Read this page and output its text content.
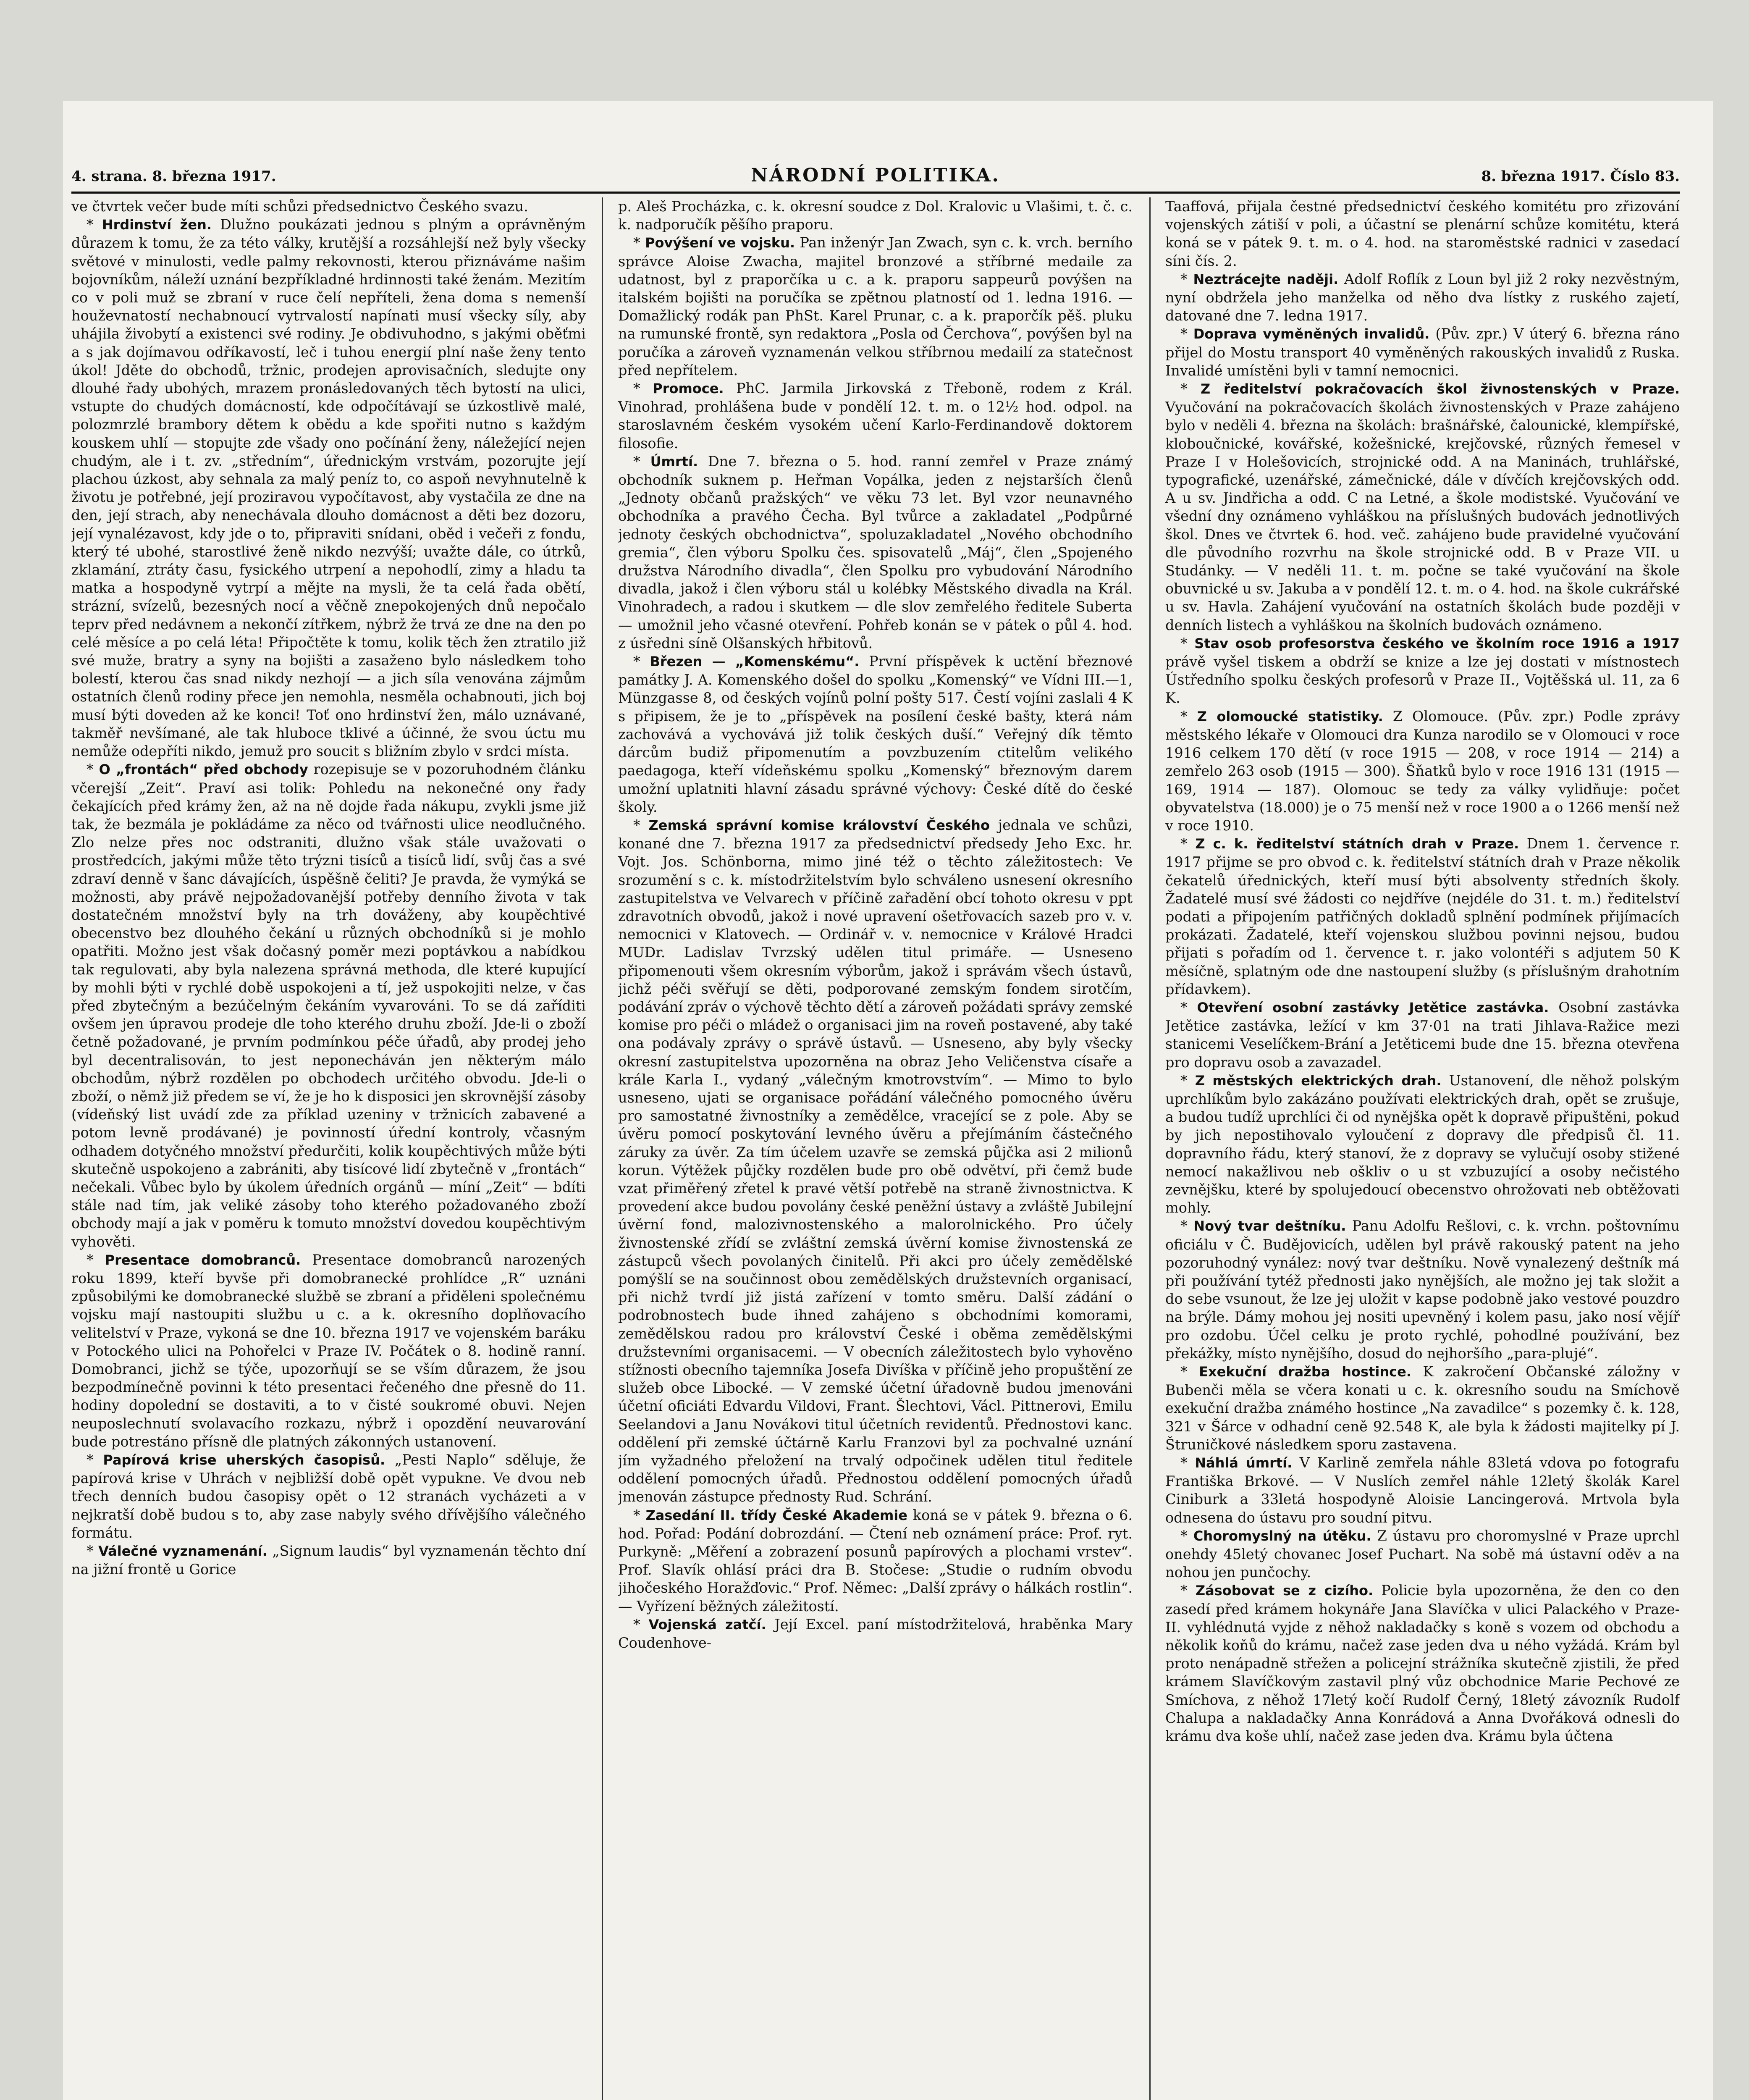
4. strana. 8. března 1917.	NÁRODNÍ POLITIKA.	8. března 1917. Číslo 83.

ve čtvrtek večer bude míti schůzi předsednictvo Českého svazu.

* Hrdinství žen. Dlužno poukázati jednou s plným a oprávněným důrazem k tomu, že za této války, krutější a rozsáhlejší než byly všecky světové v minulosti, vedle palmy rekovnosti, kterou přiznáváme našim bojovníkům, náleží uznání bezpříkladné hrdinnosti také ženám. Mezitím co v poli muž se zbraní v ruce čelí nepříteli, žena doma s nemenší houževnatostí nechabnoucí vytrvalostí napínati musí všecky síly, aby uhájila živobytí a existenci své rodiny. Je obdivuhodno, s jakými oběťmi a s jak dojímavou odříkavostí, leč i tuhou energií plní naše ženy tento úkol! Jděte do obchodů, tržnic, prodejen aprovisačních, sledujte ony dlouhé řady ubohých, mrazem pronásledovaných těch bytostí na ulici, vstupte do chudých domácností, kde odpočítávají se úzkostlivě malé, polozmrzlé brambory dětem k obědu a kde spořiti nutno s každým kouskem uhlí — stopujte zde všady ono počínání ženy, náležející nejen chudým, ale i t. zv. „středním“, úřednickým vrstvám, pozorujte její plachou úzkost, aby sehnala za malý peníz to, co aspoň nevyhnutelně k životu je potřebné, její proziravou vypočítavost, aby vystačila ze dne na den, její strach, aby nenechávala dlouho domácnost a děti bez dozoru, její vynalézavost, kdy jde o to, připraviti snídani, oběd i večeři z fondu, který té ubohé, starostlivé ženě nikdo nezvýší; uvažte dále, co útrků, zklamání, ztráty času, fysického utrpení a nepohodlí, zimy a hladu ta matka a hospodyně vytrpí a mějte na mysli, že ta celá řada obětí, strázní, svízelů, bezesných nocí a věčně znepokojených dnů nepočalo teprv před nedávnem a nekončí zítřkem, nýbrž že trvá ze dne na den po celé měsíce a po celá léta! Připočtěte k tomu, kolik těch žen ztratilo již své muže, bratry a syny na bojišti a zasaženo bylo následkem toho bolestí, kterou čas snad nikdy nezhojí — a jich síla venována zájmům ostatních členů rodiny přece jen nemohla, nesměla ochabnouti, jich boj musí býti doveden až ke konci! Toť ono hrdinství žen, málo uznávané, takměř nevšímané, ale tak hluboce tklivé a účinné, že svou úctu mu nemůže odepříti nikdo, jemuž pro soucit s bližním zbylo v srdci místa.

* O „frontách“ před obchody rozepisuje se v pozoruhodném článku včerejší „Zeit“. Praví asi tolik: Pohledu na nekonečné ony řady čekajících před krámy žen, až na ně dojde řada nákupu, zvykli jsme již tak, že bezmála je pokládáme za něco od tvářnosti ulice neodlučného. Zlo nelze přes noc odstraniti, dlužno však stále uvažovati o prostředcích, jakými může těto trýzni tisíců a tisíců lidí, svůj čas a své zdraví denně v šanc dávajících, úspěšně čeliti? Je pravda, že vymýká se možnosti, aby právě nejpožadovanější potřeby denního života v tak dostatečném množství byly na trh dováženy, aby koupěchtivé obecenstvo bez dlouhého čekání u různých obchodníků si je mohlo opatřiti. Možno jest však dočasný poměr mezi poptávkou a nabídkou tak regulovati, aby byla nalezena správná methoda, dle které kupující by mohli býti v rychlé době uspokojeni a tí, jež uspokojiti nelze, v čas před zbytečným a bezúčelným čekáním vyvarováni. To se dá zaříditi ovšem jen úpravou prodeje dle toho kterého druhu zboží. Jde-li o zboží četně požadované, je prvním podmínkou péče úřadů, aby prodej jeho byl decentralisován, to jest neponecháván jen některým málo obchodům, nýbrž rozdělen po obchodech určitého obvodu. Jde-li o zboží, o němž již předem se ví, že je ho k disposici jen skrovnější zásoby (vídeňský list uvádí zde za příklad uzeniny v tržnicích zabavené a potom levně prodávané) je povinností úřední kontroly, včasným odhadem dotyčného množství předurčiti, kolik koupěchtivých může býti skutečně uspokojeno a zabrániti, aby tisícové lidí zbytečně v „frontách“ nečekali. Vůbec bylo by úkolem úředních orgánů — míní „Zeit“ — bdíti stále nad tím, jak veliké zásoby toho kterého požadovaného zboží obchody mají a jak v poměru k tomuto množství dovedou koupěchtivým vyhověti.

* Presentace domobranců. Presentace domobranců narozených roku 1899, kteří byvše při domobranecké prohlídce „R“ uznáni způsobilými ke domobranecké službě se zbraní a přiděleni společnému vojsku mají nastoupiti službu u c. a k. okresního doplňovacího velitelství v Praze, vykoná se dne 10. března 1917 ve vojenském baráku v Potockého ulici na Pohořelci v Praze IV. Počátek o 8. hodině ranní. Domobranci, jichž se týče, upozorňují se se vším důrazem, že jsou bezpodmínečně povinni k této presentaci řečeného dne přesně do 11. hodiny dopolední se dostaviti, a to v čisté soukromé obuvi. Nejen neuposlechnutí svolavacího rozkazu, nýbrž i opozdění neuvarování bude potrestáno přísně dle platných zákonných ustanovení.

* Papírová krise uherských časopisů. „Pesti Naplo“ sděluje, že papírová krise v Uhrách v nejbližší době opět vypukne. Ve dvou neb třech denních budou časopisy opět o 12 stranách vycházeti a v nejkratší době budou s to, aby zase nabyly svého dřívějšího válečného formátu.

* Válečné vyznamenání. „Signum laudis“ byl vyznamenán těchto dní na jižní frontě u Gorice

p. Aleš Procházka, c. k. okresní soudce z Dol. Kralovic u Vlašimi, t. č. c. k. nadporučík pěšího praporu.

* Povýšení ve vojsku. Pan inženýr Jan Zwach, syn c. k. vrch. berního správce Aloise Zwacha, majitel bronzové a stříbrné medaile za udatnost, byl z praporčíka u c. a k. praporu sappeurů povýšen na italském bojišti na poručíka se zpětnou platností od 1. ledna 1916. — Domažlický rodák pan PhSt. Karel Prunar, c. a k. praporčík pěš. pluku na rumunské frontě, syn redaktora „Posla od Čerchova“, povýšen byl na poručíka a zároveň vyznamenán velkou stříbrnou medailí za statečnost před nepřítelem.

* Promoce. PhC. Jarmila Jirkovská z Třeboně, rodem z Král. Vinohrad, prohlášena bude v pondělí 12. t. m. o 12½ hod. odpol. na staroslavném českém vysokém učení Karlo-Ferdinandově doktorem filosofie.

* Úmrtí. Dne 7. března o 5. hod. ranní zemřel v Praze známý obchodník suknem p. Heřman Vopálka, jeden z nejstarších členů „Jednoty občanů pražských“ ve věku 73 let. Byl vzor neunavného obchodníka a pravého Čecha. Byl tvůrce a zakladatel „Podpůrné jednoty českých obchodnictva“, spoluzakladatel „Nového obchodního gremia“, člen výboru Spolku čes. spisovatelů „Máj“, člen „Spojeného družstva Národního divadla“, člen Spolku pro vybudování Národního divadla, jakož i člen výboru stál u kolébky Městského divadla na Král. Vinohradech, a radou i skutkem — dle slov zemřelého ředitele Suberta — umožnil jeho včasné otevření. Pohřeb konán se v pátek o půl 4. hod. z úsředni síně Olšanských hřbitovů.

* Březen — „Komenskému“. První příspěvek k uctění březnové památky J. A. Komenského došel do spolku „Komenský“ ve Vídni III.—1, Münzgasse 8, od českých vojínů polní pošty 517. Čestí vojíni zaslali 4 K s připisem, že je to „příspěvek na posílení české bašty, která nám zachovává a vychovává již tolik českých duší.“ Veřejný dík těmto dárcům budiž připomenutím a povzbuzením ctitelům velikého paedagoga, kteří vídeňskému spolku „Komenský“ březnovým darem umožní uplatniti hlavní zásadu správné výchovy: České dítě do české školy.

* Zemská správní komise království Českého jednala ve schůzi, konané dne 7. března 1917 za předsednictví předsedy Jeho Exc. hr. Vojt. Jos. Schönborna, mimo jiné též o těchto záležitostech: Ve srozumění s c. k. místodržitelstvím bylo schváleno usnesení okresního zastupitelstva ve Velvarech v příčině zařadění obcí tohoto okresu v ppt zdravotních obvodů, jakož i nové upravení ošetřovacích sazeb pro v. v. nemocnici v Klatovech. — Ordinář v. v. nemocnice v Králové Hradci MUDr. Ladislav Tvrzský udělen titul primáře. — Usneseno připomenouti všem okresním výborům, jakož i správám všech ústavů, jichž péči svěřují se děti, podporované zemským fondem sirotčím, podávání zpráv o výchově těchto dětí a zároveň požádati správy zemské komise pro péči o mládež o organisaci jim na roveň postavené, aby také ona podávaly zprávy o správě ústavů. — Usneseno, aby byly všecky okresní zastupitelstva upozorněna na obraz Jeho Veličenstva císaře a krále Karla I., vydaný „válečným kmotrovstvím“. — Mimo to bylo usneseno, ujati se organisace pořádání válečného pomocného úvěru pro samostatné živnostníky a zemědělce, vracející se z pole. Aby se úvěru pomocí poskytování levného úvěru a přejímáním částečného záruky za úvěr. Za tím účelem uzavře se zemská půjčka asi 2 milionů korun. Výtěžek půjčky rozdělen bude pro obě odvětví, při čemž bude vzat přiměřený zřetel k pravé větší potřebě na straně živnostnictva. K provedení akce budou povolány české peněžní ústavy a zvláště Jubilejní úvěrní fond, malozivnostenského a malorolnického. Pro účely živnostenské zřídí se zvláštní zemská úvěrní komise živnostenská ze zástupců všech povolaných činitelů. Při akci pro účely zemědělské pomýšlí se na součinnost obou zemědělských družstevních organisací, při nichž tvrdí již jistá zařízení v tomto směru. Další zádání o podrobnostech bude ihned zahájeno s obchodními komorami, zemědělskou radou pro království České i oběma zemědělskými družstevními organisacemi. — V obecních záležitostech bylo vyhověno stížnosti obecního tajemníka Josefa Divíška v příčině jeho propuštění ze služeb obce Libocké. — V zemské účetní úřadovně budou jmenováni účetní oficiáti Edvardu Vildovi, Frant. Šlechtovi, Václ. Pittnerovi, Emilu Seelandovi a Janu Novákovi titul účetních revidentů. Přednostovi kanc. oddělení při zemské účtárně Karlu Franzovi byl za pochvalné uznání jím vyžadného přeložení na trvalý odpočinek udělen titul ředitele oddělení pomocných úřadů. Přednostou oddělení pomocných úřadů jmenován zástupce přednosty Rud. Schrání.

* Zasedání II. třídy České Akademie koná se v pátek 9. března o 6. hod. Pořad: Podání dobrozdání. — Čtení neb oznámení práce: Prof. ryt. Purkyně: „Měření a zobrazení posunů papírových a plochami vrstev“. Prof. Slavík ohlásí práci dra B. Stočese: „Studie o rudním obvodu jihočeského Horažďovic.“ Prof. Němec: „Další zprávy o hálkách rostlin“. — Vyřízení běžných záležitostí.

* Vojenská zatčí. Její Excel. paní místodržitelová, hraběnka Mary Coudenhove-

Taaffová, přijala čestné předsednictví českého komitétu pro zřizování vojenských zátiší v poli, a účastní se plenární schůze komitétu, která koná se v pátek 9. t. m. o 4. hod. na staroměstské radnici v zasedací síni čís. 2.

* Neztrácejte naději. Adolf Roflík z Loun byl již 2 roky nezvěstným, nyní obdržela jeho manželka od něho dva lístky z ruského zajetí, datované dne 7. ledna 1917.

* Doprava vyměněných invalidů. (Pův. zpr.) V úterý 6. března ráno přijel do Mostu transport 40 vyměněných rakouských invalidů z Ruska. Invalidé umístěni byli v tamní nemocnici.

* Z ředitelství pokračovacích škol živnostenských v Praze. Vyučování na pokračovacích školách živnostenských v Praze zahájeno bylo v neděli 4. března na školách: brašnářské, čalounické, klempířské, kloboučnické, kovářské, kožešnické, krejčovské, různých řemesel v Praze I v Holešovicích, strojnické odd. A na Maninách, truhlářské, typografické, uzenářské, zámečnické, dále v dívčích krejčovských odd. A u sv. Jindřicha a odd. C na Letné, a škole modistské. Vyučování ve všední dny oznámeno vyhláškou na příslušných budovách jednotlivých škol. Dnes ve čtvrtek 6. hod. več. zahájeno bude pravidelné vyučování dle původního rozvrhu na škole strojnické odd. B v Praze VII. u Studánky. — V neděli 11. t. m. počne se také vyučování na škole obuvnické u sv. Jakuba a v pondělí 12. t. m. o 4. hod. na škole cukrářské u sv. Havla. Zahájení vyučování na ostatních školách bude později v denních listech a vyhláškou na školních budovách oznámeno.

* Stav osob profesorstva českého ve školním roce 1916 a 1917 právě vyšel tiskem a obdrží se knize a lze jej dostati v místnostech Ústředního spolku českých profesorů v Praze II., Vojtěšská ul. 11, za 6 K.

* Z olomoucké statistiky. Z Olomouce. (Pův. zpr.) Podle zprávy městského lékaře v Olomouci dra Kunza narodilo se v Olomouci v roce 1916 celkem 170 dětí (v roce 1915 — 208, v roce 1914 — 214) a zemřelo 263 osob (1915 — 300). Šňatků bylo v roce 1916 131 (1915 — 169, 1914 — 187). Olomouc se tedy za války vylidňuje: počet obyvatelstva (18.000) je o 75 menší než v roce 1900 a o 1266 menší než v roce 1910.

* Z c. k. ředitelství státních drah v Praze. Dnem 1. července r. 1917 přijme se pro obvod c. k. ředitelství státních drah v Praze několik čekatelů úřednických, kteří musí býti absolventy středních školy. Žadatelé musí své žádosti co nejdříve (nejdéle do 31. t. m.) ředitelství podati a připojením patřičných dokladů splnění podmínek přijímacích prokázati. Žadatelé, kteří vojenskou službou povinni nejsou, budou přijati s pořadím od 1. července t. r. jako volontéři s adjutem 50 K měsíčně, splatným ode dne nastoupení služby (s příslušným drahotním přídavkem).

* Otevření osobní zastávky Jetětice zastávka. Osobní zastávka Jetětice zastávka, ležící v km 37·01 na trati Jihlava-Ražice mezi stanicemi Veselíčkem-Brání a Jetěticemi bude dne 15. března otevřena pro dopravu osob a zavazadel.

* Z městských elektrických drah. Ustanovení, dle něhož polským uprchlíkům bylo zakázáno používati elektrických drah, opět se zrušuje, a budou tudíž uprchlíci či od nynějška opět k dopravě připuštěni, pokud by jich nepostihovalo vyloučení z dopravy dle předpisů čl. 11. dopravního řádu, který stanoví, že z dopravy se vylučují osoby stižené nemocí nakažlivou neb oškliv o u st vzbuzující a osoby nečistého zevnějšku, které by spolujedoucí obecenstvo ohrožovati neb obtěžovati mohly.

* Nový tvar deštníku. Panu Adolfu Rešlovi, c. k. vrchn. poštovnímu oficiálu v Č. Budějovicích, udělen byl právě rakouský patent na jeho pozoruhodný vynález: nový tvar deštníku. Nově vynalezený deštník má při používání tytéž přednosti jako nynějších, ale možno jej tak složit a do sebe vsunout, že lze jej uložit v kapse podobně jako vestové pouzdro na brýle. Dámy mohou jej nositi upevněný i kolem pasu, jako nosí vějíř pro ozdobu. Účel celku je proto rychlé, pohodlné používání, bez překážky, místo nynějšího, dosud do nejhoršího „para-plujé“.

* Exekuční dražba hostince. K zakročení Občanské záložny v Bubenči měla se včera konati u c. k. okresního soudu na Smíchově exekuční dražba známého hostince „Na zavadilce“ s pozemky č. k. 128, 321 v Šárce v odhadní ceně 92.548 K, ale byla k žádosti majitelky pí J. Štruničkové následkem sporu zastavena.

* Náhlá úmrtí. V Karlině zemřela náhle 83letá vdova po fotografu Františka Brkové. — V Nuslích zemřel náhle 12letý školák Karel Ciniburk a 33letá hospodyně Aloisie Lancingerová. Mrtvola byla odnesena do ústavu pro soudní pitvu.

* Choromyslný na útěku. Z ústavu pro choromyslné v Praze uprchl onehdy 45letý chovanec Josef Puchart. Na sobě má ústavní oděv a na nohou jen punčochy.

* Zásobovat se z cizího. Policie byla upozorněna, že den co den zasedí před krámem hokynáře Jana Slavíčka v ulici Palackého v Praze-II. vyhlédnutá vyjde z něhož nakladačky s koně s vozem od obchodu a několik koňů do krámu, načež zase jeden dva u ného vyžádá. Krám byl proto nenápadně střežen a policejní strážníka skutečně zjistili, že před krámem Slavíčkovým zastavil plný vůz obchodnice Marie Pechové ze Smíchova, z něhož 17letý kočí Rudolf Černý, 18letý závozník Rudolf Chalupa a nakladačky Anna Konrádová a Anna Dvořáková odnesli do krámu dva koše uhlí, načež zase jeden dva. Krámu byla účtena
